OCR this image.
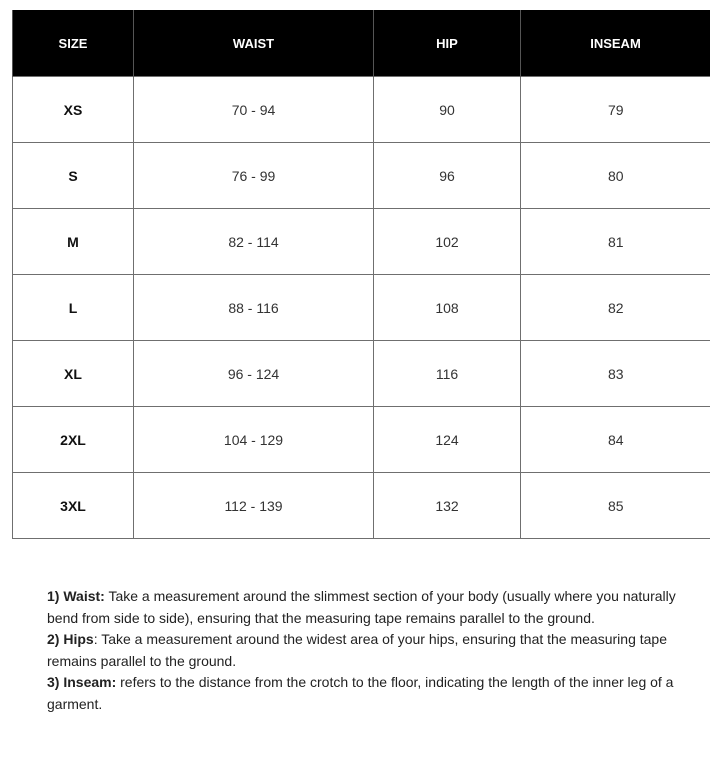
SIZE	WAIST	HIP	INSEAM
XS	70 - 94	90	79
S	76 - 99	96	80
M	82 - 114	102	81
L	88 - 116	108	82
XL	96 - 124	116	83
2XL	104 - 129	124	84
3XL	112 - 139	132	85

1) Waist: Take a measurement around the slimmest section of your body (usually where you naturally bend from side to side), ensuring that the measuring tape remains parallel to the ground.

2) Hips: Take a measurement around the widest area of your hips, ensuring that the measuring tape remains parallel to the ground.

3) Inseam: refers to the distance from the crotch to the floor, indicating the length of the inner leg of a garment.
